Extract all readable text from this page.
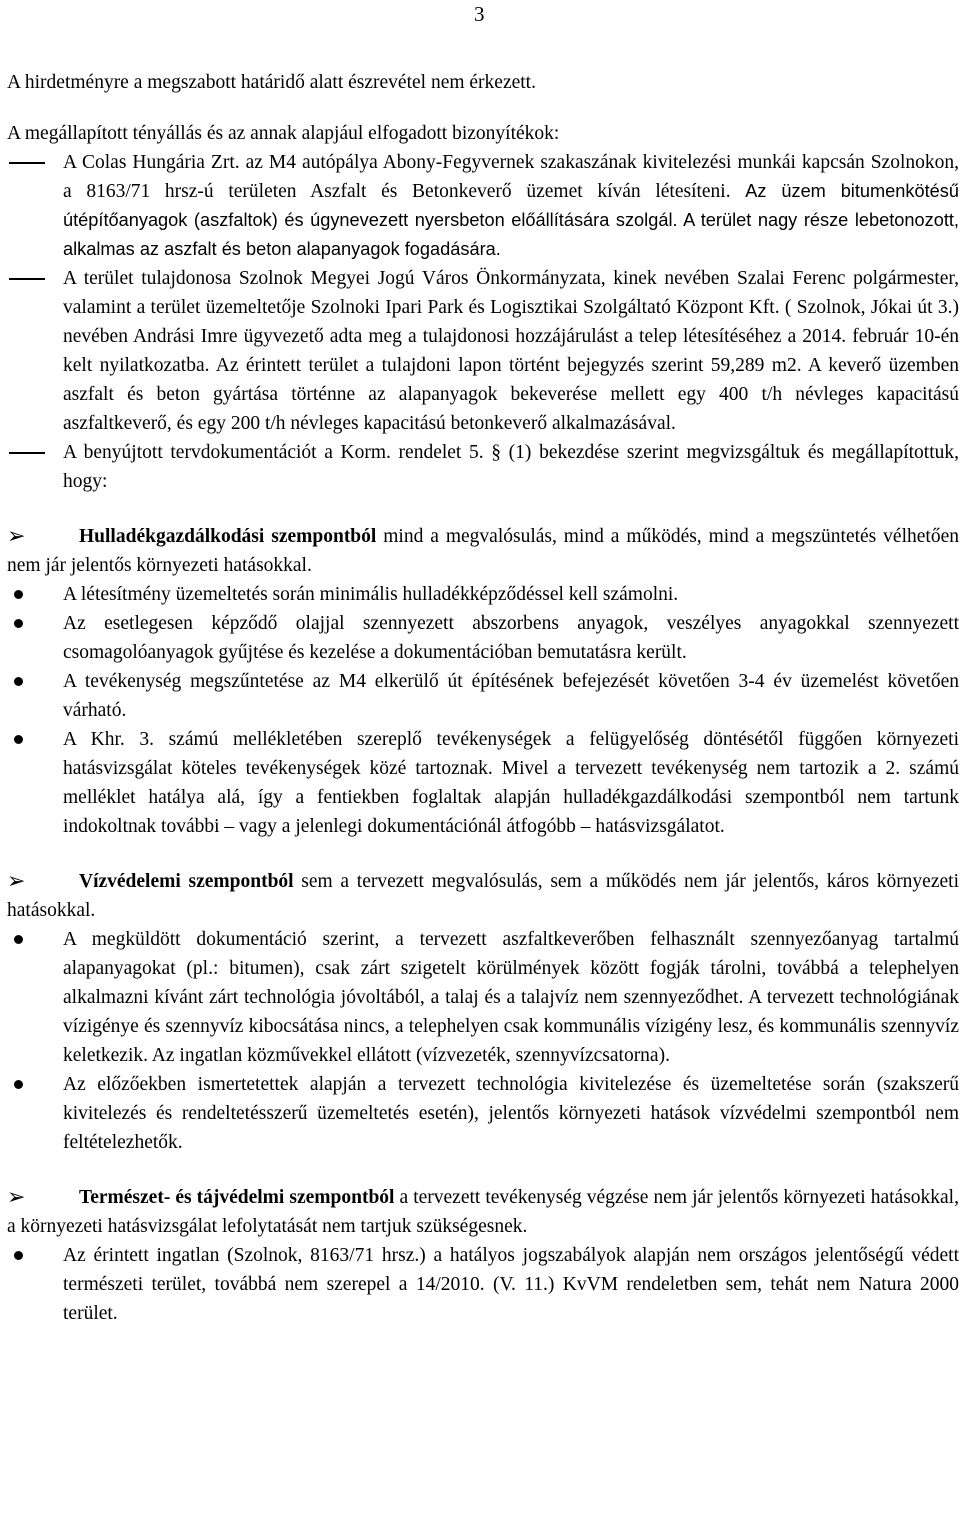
3

A hirdetményre a megszabott határidő alatt észrevétel nem érkezett.

A megállapított tényállás és az annak alapjául elfogadott bizonyítékok:

A Colas Hungária Zrt. az M4 autópálya Abony-Fegyvernek szakaszának kivitelezési munkái kapcsán Szolnokon, a 8163/71 hrsz-ú területen Aszfalt és Betonkeverő üzemet kíván létesíteni. Az üzem bitumenkötésű útépítőanyagok (aszfaltok) és úgynevezett nyersbeton előállítására szolgál. A terület nagy része lebetonozott, alkalmas az aszfalt és beton alapanyagok fogadására.
A terület tulajdonosa Szolnok Megyei Jogú Város Önkormányzata, kinek nevében Szalai Ferenc polgármester, valamint a terület üzemeltetője Szolnoki Ipari Park és Logisztikai Szolgáltató Központ Kft. ( Szolnok, Jókai út 3.) nevében Andrási Imre ügyvezető adta meg a tulajdonosi hozzájárulást a telep létesítéséhez a 2014. február 10-én kelt nyilatkozatba. Az érintett terület a tulajdoni lapon történt bejegyzés szerint 59,289 m2. A keverő üzemben aszfalt és beton gyártása történne az alapanyagok bekeverése mellett egy 400 t/h névleges kapacitású aszfaltkeverő, és egy 200 t/h névleges kapacitású betonkeverő alkalmazásával.
A benyújtott tervdokumentációt a Korm. rendelet 5. § (1) bekezdése szerint megvizsgáltuk és megállapítottuk, hogy:

➢	Hulladékgazdálkodási szempontból mind a megvalósulás, mind a működés, mind a megszüntetés vélhetően nem jár jelentős környezeti hatásokkal.

A létesítmény üzemeltetés során minimális hulladékképződéssel kell számolni.
Az esetlegesen képződő olajjal szennyezett abszorbens anyagok, veszélyes anyagokkal szennyezett csomagolóanyagok gyűjtése és kezelése a dokumentációban bemutatásra került.
A tevékenység megszűntetése az M4 elkerülő út építésének befejezését követően 3-4 év üzemelést követően várható.
A Khr. 3. számú mellékletében szereplő tevékenységek a felügyelőség döntésétől függően környezeti hatásvizsgálat köteles tevékenységek közé tartoznak. Mivel a tervezett tevékenység nem tartozik a 2. számú melléklet hatálya alá, így a fentiekben foglaltak alapján hulladékgazdálkodási szempontból nem tartunk indokoltnak további – vagy a jelenlegi dokumentációnál átfogóbb – hatásvizsgálatot.

➢	Vízvédelemi szempontból sem a tervezett megvalósulás, sem a működés nem jár jelentős, káros környezeti hatásokkal.

A megküldött dokumentáció szerint, a tervezett aszfaltkeverőben felhasznált szennyezőanyag tartalmú alapanyagokat (pl.: bitumen), csak zárt szigetelt körülmények között fogják tárolni, továbbá a telephelyen alkalmazni kívánt zárt technológia jóvoltából, a talaj és a talajvíz nem szennyeződhet. A tervezett technológiának vízigénye és szennyvíz kibocsátása nincs, a telephelyen csak kommunális vízigény lesz, és kommunális szennyvíz keletkezik. Az ingatlan közművekkel ellátott (vízvezeték, szennyvízcsatorna).
Az előzőekben ismertetettek alapján a tervezett technológia kivitelezése és üzemeltetése során (szakszerű kivitelezés és rendeltetésszerű üzemeltetés esetén), jelentős környezeti hatások vízvédelmi szempontból nem feltételezhetők.

➢	Természet- és tájvédelmi szempontból a tervezett tevékenység végzése nem jár jelentős környezeti hatásokkal, a környezeti hatásvizsgálat lefolytatását nem tartjuk szükségesnek.

Az érintett ingatlan (Szolnok, 8163/71 hrsz.) a hatályos jogszabályok alapján nem országos jelentőségű védett természeti terület, továbbá nem szerepel a 14/2010. (V. 11.) KvVM rendeletben sem, tehát nem Natura 2000 terület.
